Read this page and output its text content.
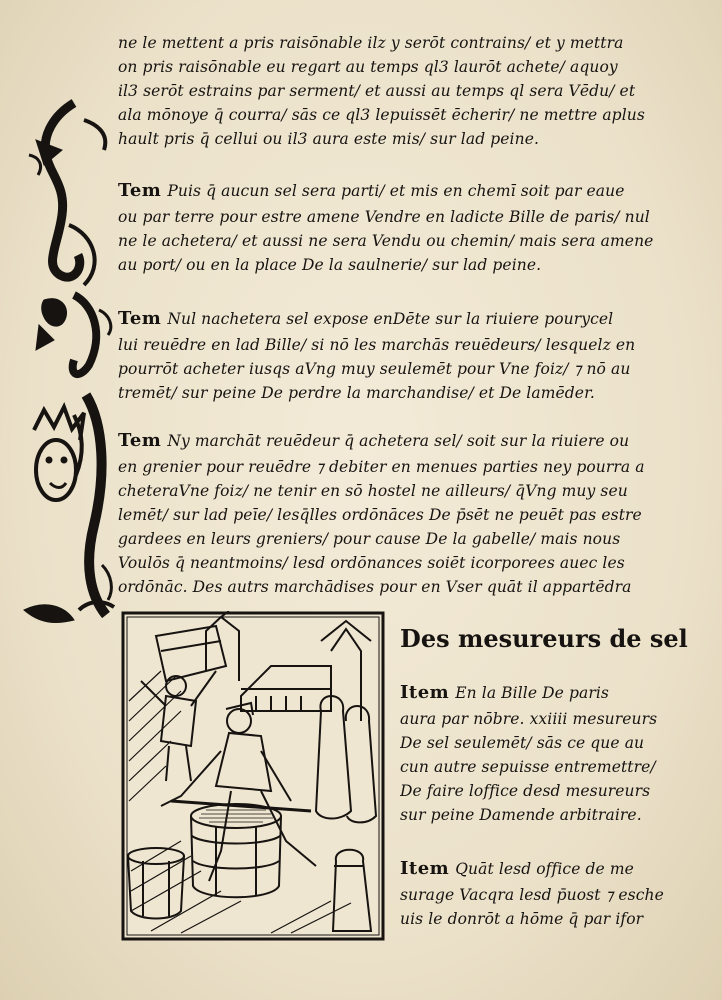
ne le mettent a pris raisōnable ilz y serōt contrains/ et y mettra
on pris raisōnable eu regart au temps ql3 laurōt achete/ aquoy
il3 serōt estrains par serment/ et aussi au temps ql sera Vēdu/ et
ala mōnoye q̄ courra/ sās ce ql3 lepuissēt ēcherir/ ne mettre aplus
hault pris q̄ cellui ou il3 aura este mis/ sur lad peine.
Tem Puis q̄ aucun sel sera parti/ et mis en chemī soit par eaue
ou par terre pour estre amene Vendre en ladicte Bille de paris/ nul
ne le achetera/ et aussi ne sera Vendu ou chemin/ mais sera amene
au port/ ou en la place De la saulnerie/ sur lad peine.
Tem Nul nachetera sel expose enDēte sur la riuiere pourycel
lui reuēdre en lad Bille/ si nō les marchās reuēdeurs/ lesquelz en
pourrōt acheter iusqs aVng muy seulemēt pour Vne foiz/ ⁊ nō au
tremēt/ sur peine De perdre la marchandise/ et De lamēder.
Tem Ny marchāt reuēdeur q̄ achetera sel/ soit sur la riuiere ou
en grenier pour reuēdre ⁊ debiter en menues parties ney pourra a
cheteraVne foiz/ ne tenir en sō hostel ne ailleurs/ q̄Vng muy seu
lemēt/ sur lad peīe/ lesq̄lles ordōnāces De p̄sēt ne peuēt pas estre
gardees en leurs greniers/ pour cause De la gabelle/ mais nous
Voulōs q̄ neantmoins/ lesd ordōnances soiēt icorporees auec les
ordōnāc. Des autrs marchādises pour en Vser quāt il appartēdra
Des mesureurs de sel
Item En la Bille De paris
aura par nōbre. xxiiii mesureurs
De sel seulemēt/ sās ce que au
cun autre sepuisse entremettre/
De faire loffice desd mesureurs
sur peine Damende arbitraire.
Item Quāt lesd office de me
surage Vacqra lesd p̄uost ⁊ esche
uis le donrōt a hōme q̄ par ifor
